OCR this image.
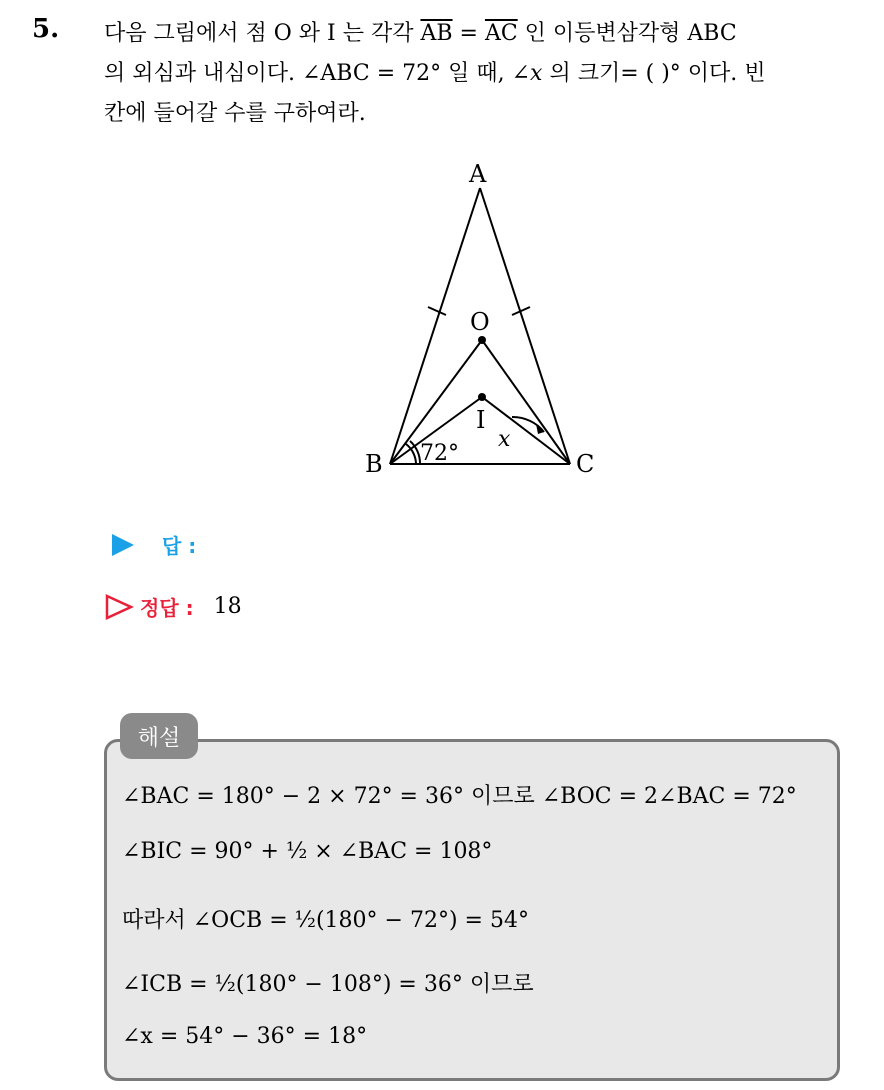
5. 다음 그림에서 점 O 와 I 는 각각 $\overline{AB} = \overline{AC}$ 인 이등변삼각형 ABC
의 외심과 내심이다. ∠ABC = 72° 일 때, ∠x 의 크기= ( )° 이다. 빈
칸에 들어갈 수를 구하여라.
A
O
I
B	C
72°
x
답 :
정답 : 18
해설
∠BAC = 180° − 2 × 72° = 36° 이므로 ∠BOC = 2∠BAC = 72°
∠BIC = 90° + ½ × ∠BAC = 108°
따라서 ∠OCB = ½(180° − 72°) = 54°
∠ICB = ½(180° − 108°) = 36° 이므로
∠x = 54° − 36° = 18°
